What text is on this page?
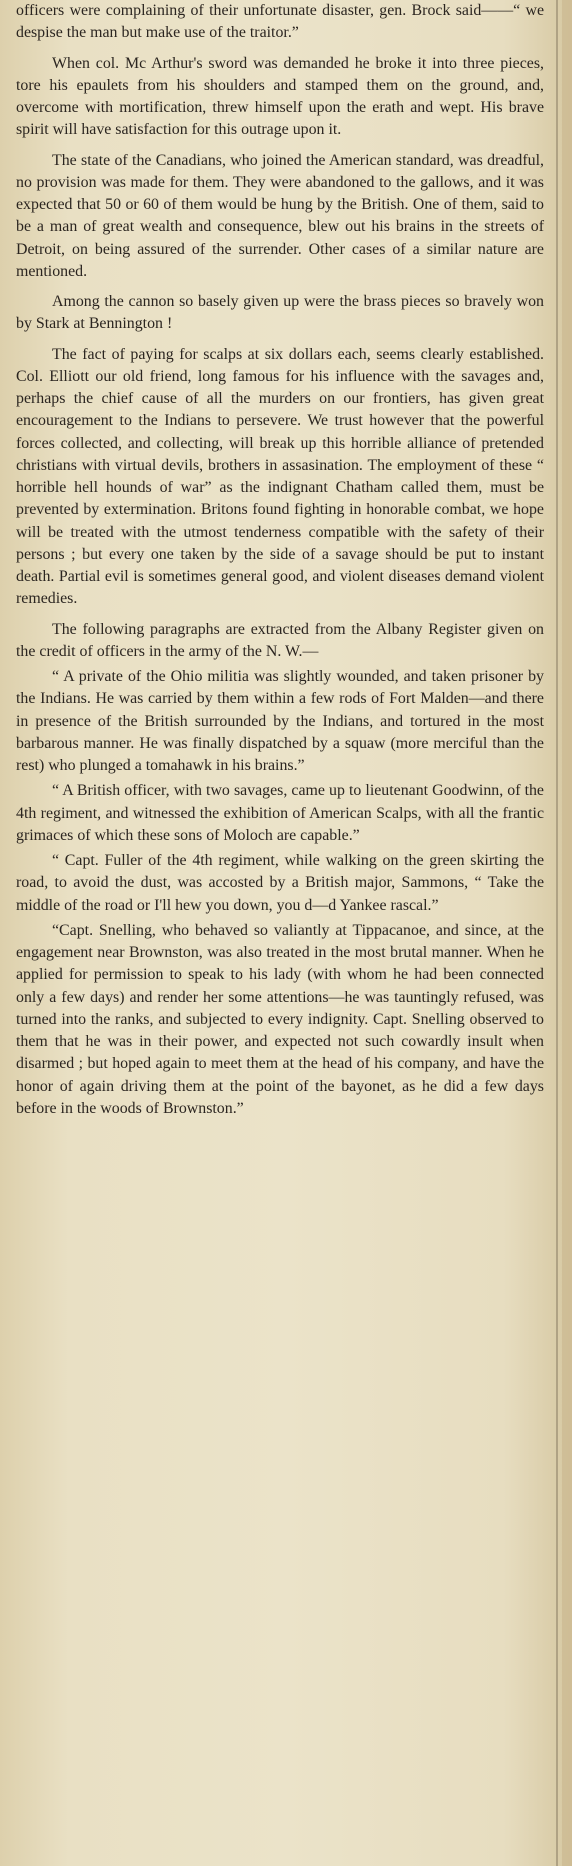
officers were complaining of their unfortunate disaster, gen. Brock said——“ we despise the man but make use of the traitor.”

When col. Mc Arthur's sword was demanded he broke it into three pieces, tore his epaulets from his shoulders and stamped them on the ground, and, overcome with mortification, threw himself upon the erath and wept. His brave spirit will have satisfaction for this outrage upon it.

The state of the Canadians, who joined the American standard, was dreadful, no provision was made for them. They were abandoned to the gallows, and it was expected that 50 or 60 of them would be hung by the British. One of them, said to be a man of great wealth and consequence, blew out his brains in the streets of Detroit, on being assured of the surrender. Other cases of a similar nature are mentioned.

Among the cannon so basely given up were the brass pieces so bravely won by Stark at Bennington !

The fact of paying for scalps at six dollars each, seems clearly established. Col. Elliott our old friend, long famous for his influence with the savages and, perhaps the chief cause of all the murders on our frontiers, has given great encouragement to the Indians to persevere. We trust however that the powerful forces collected, and collecting, will break up this horrible alliance of pretended christians with virtual devils, brothers in assasination. The employment of these “ horrible hell hounds of war” as the indignant Chatham called them, must be prevented by extermination. Britons found fighting in honorable combat, we hope will be treated with the utmost tenderness compatible with the safety of their persons ; but every one taken by the side of a savage should be put to instant death. Partial evil is sometimes general good, and violent diseases demand violent remedies.

The following paragraphs are extracted from the Albany Register given on the credit of officers in the army of the N. W.—

“ A private of the Ohio militia was slightly wounded, and taken prisoner by the Indians. He was carried by them within a few rods of Fort Malden—and there in presence of the British surrounded by the Indians, and tortured in the most barbarous manner. He was finally dispatched by a squaw (more merciful than the rest) who plunged a tomahawk in his brains.”

“ A British officer, with two savages, came up to lieutenant Goodwinn, of the 4th regiment, and witnessed the exhibition of American Scalps, with all the frantic grimaces of which these sons of Moloch are capable.”

“ Capt. Fuller of the 4th regiment, while walking on the green skirting the road, to avoid the dust, was accosted by a British major, Sammons, “ Take the middle of the road or I'll hew you down, you d—d Yankee rascal.”

“Capt. Snelling, who behaved so valiantly at Tippacanoe, and since, at the engagement near Brownston, was also treated in the most brutal manner. When he applied for permission to speak to his lady (with whom he had been connected only a few days) and render her some attentions—he was tauntingly refused, was turned into the ranks, and subjected to every indignity. Capt. Snelling observed to them that he was in their power, and expected not such cowardly insult when disarmed ; but hoped again to meet them at the head of his company, and have the honor of again driving them at the point of the bayonet, as he did a few days before in the woods of Brownston.”
